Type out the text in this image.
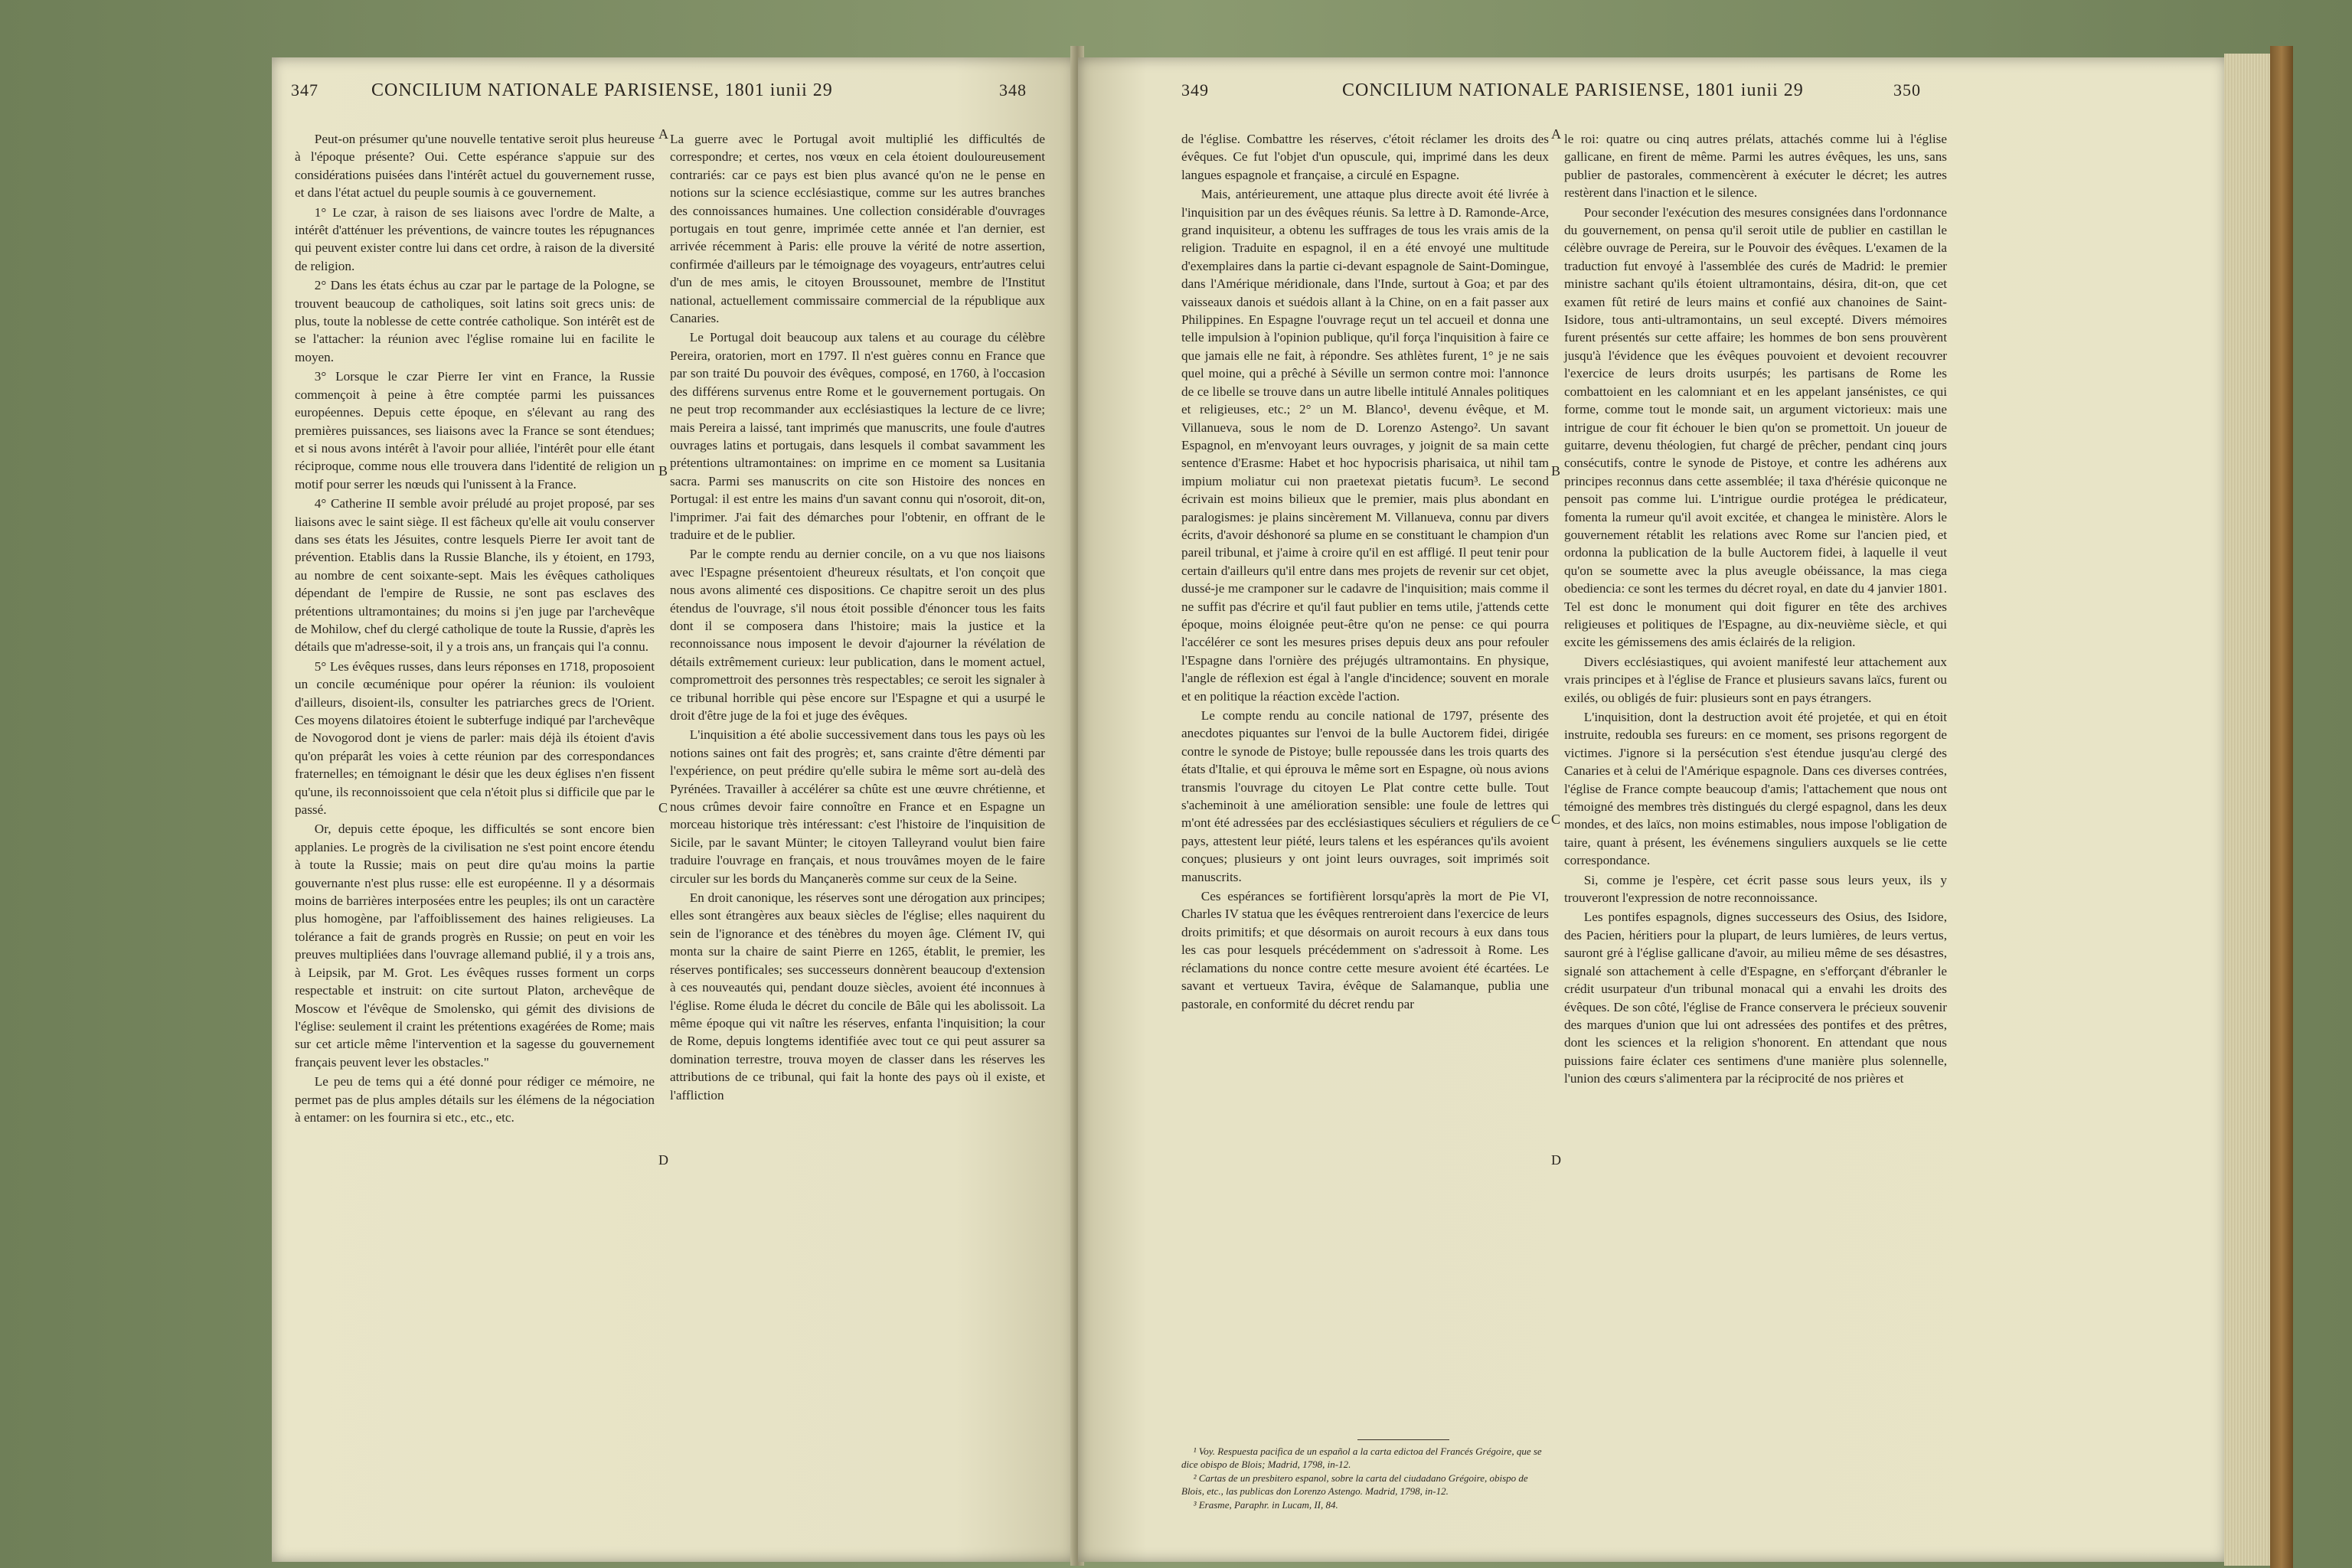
347	CONCILIUM NATIONALE PARISIENSE, 1801 iunii 29	348

Peut-on présumer qu'une nouvelle tentative seroit plus heureuse à l'époque présente? Oui. Cette espérance s'appuie sur des considérations puisées dans l'intérêt actuel du gouvernement russe, et dans l'état actuel du peuple soumis à ce gouvernement.

1° Le czar, à raison de ses liaisons avec l'ordre de Malte, a intérêt d'atténuer les préventions, de vaincre toutes les répugnances qui peuvent exister contre lui dans cet ordre, à raison de la diversité de religion.

2° Dans les états échus au czar par le partage de la Pologne, se trouvent beaucoup de catholiques, soit latins soit grecs unis: de plus, toute la noblesse de cette contrée catholique. Son intérêt est de se l'attacher: la réunion avec l'église romaine lui en facilite le moyen.

3° Lorsque le czar Pierre Ier vint en France, la Russie commençoit à peine à être comptée parmi les puissances européennes. Depuis cette époque, en s'élevant au rang des premières puissances, ses liaisons avec la France se sont étendues; et si nous avons intérêt à l'avoir pour alliée, l'intérêt pour elle étant réciproque, comme nous elle trouvera dans l'identité de religion un motif pour serrer les nœuds qui l'unissent à la France.

4° Catherine II semble avoir préludé au projet proposé, par ses liaisons avec le saint siège. Il est fâcheux qu'elle ait voulu conserver dans ses états les Jésuites, contre lesquels Pierre Ier avoit tant de prévention. Etablis dans la Russie Blanche, ils y étoient, en 1793, au nombre de cent soixante-sept. Mais les évêques catholiques dépendant de l'empire de Russie, ne sont pas esclaves des prétentions ultramontaines; du moins si j'en juge par l'archevêque de Mohilow, chef du clergé catholique de toute la Russie, d'après les détails que m'adresse-soit, il y a trois ans, un français qui l'a connu.

5° Les évêques russes, dans leurs réponses en 1718, proposoient un concile œcuménique pour opérer la réunion: ils vouloient d'ailleurs, disoient-ils, consulter les patriarches grecs de l'Orient. Ces moyens dilatoires étoient le subterfuge indiqué par l'archevêque de Novogorod dont je viens de parler: mais déjà ils étoient d'avis qu'on préparât les voies à cette réunion par des correspondances fraternelles; en témoignant le désir que les deux églises n'en fissent qu'une, ils reconnoissoient que cela n'étoit plus si difficile que par le passé.

Or, depuis cette époque, les difficultés se sont encore bien applanies. Le progrès de la civilisation ne s'est point encore étendu à toute la Russie; mais on peut dire qu'au moins la partie gouvernante n'est plus russe: elle est européenne. Il y a désormais moins de barrières interposées entre les peuples; ils ont un caractère plus homogène, par l'affoiblissement des haines religieuses. La tolérance a fait de grands progrès en Russie; on peut en voir les preuves multipliées dans l'ouvrage allemand publié, il y a trois ans, à Leipsik, par M. Grot. Les évêques russes forment un corps respectable et instruit: on cite surtout Platon, archevêque de Moscow et l'évêque de Smolensko, qui gémit des divisions de l'église: seulement il craint les prétentions exagérées de Rome; mais sur cet article même l'intervention et la sagesse du gouvernement français peuvent lever les obstacles."

Le peu de tems qui a été donné pour rédiger ce mémoire, ne permet pas de plus amples détails sur les élémens de la négociation à entamer: on les fournira si etc., etc., etc.

La guerre avec le Portugal avoit multiplié les difficultés de correspondre; et certes, nos vœux en cela étoient douloureusement contrariés: car ce pays est bien plus avancé qu'on ne le pense en notions sur la science ecclésiastique, comme sur les autres branches des connoissances humaines. Une collection considérable d'ouvrages portugais en tout genre, imprimée cette année et l'an dernier, est arrivée récemment à Paris: elle prouve la vérité de notre assertion, confirmée d'ailleurs par le témoignage des voyageurs, entr'autres celui d'un de mes amis, le citoyen Broussounet, membre de l'Institut national, actuellement commissaire commercial de la république aux Canaries.

Le Portugal doit beaucoup aux talens et au courage du célèbre Pereira, oratorien, mort en 1797. Il n'est guères connu en France que par son traité Du pouvoir des évêques, composé, en 1760, à l'occasion des différens survenus entre Rome et le gouvernement portugais. On ne peut trop recommander aux ecclésiastiques la lecture de ce livre; mais Pereira a laissé, tant imprimés que manuscrits, une foule d'autres ouvrages latins et portugais, dans lesquels il combat savamment les prétentions ultramontaines: on imprime en ce moment sa Lusitania sacra. Parmi ses manuscrits on cite son Histoire des nonces en Portugal: il est entre les mains d'un savant connu qui n'osoroit, dit-on, l'imprimer. J'ai fait des démarches pour l'obtenir, en offrant de le traduire et de le publier.

Par le compte rendu au dernier concile, on a vu que nos liaisons avec l'Espagne présentoient d'heureux résultats, et l'on conçoit que nous avons alimenté ces dispositions. Ce chapitre seroit un des plus étendus de l'ouvrage, s'il nous étoit possible d'énoncer tous les faits dont il se composera dans l'histoire; mais la justice et la reconnoissance nous imposent le devoir d'ajourner la révélation de détails extrêmement curieux: leur publication, dans le moment actuel, compromettroit des personnes très respectables; ce seroit les signaler à ce tribunal horrible qui pèse encore sur l'Espagne et qui a usurpé le droit d'être juge de la foi et juge des évêques.

L'inquisition a été abolie successivement dans tous les pays où les notions saines ont fait des progrès; et, sans crainte d'être démenti par l'expérience, on peut prédire qu'elle subira le même sort au-delà des Pyrénées. Travailler à accélérer sa chûte est une œuvre chrétienne, et nous crûmes devoir faire connoître en France et en Espagne un morceau historique très intéressant: c'est l'histoire de l'inquisition de Sicile, par le savant Münter; le citoyen Talleyrand voulut bien faire traduire l'ouvrage en français, et nous trouvâmes moyen de le faire circuler sur les bords du Mançanerès comme sur ceux de la Seine.

En droit canonique, les réserves sont une dérogation aux principes; elles sont étrangères aux beaux siècles de l'église; elles naquirent du sein de l'ignorance et des ténèbres du moyen âge. Clément IV, qui monta sur la chaire de saint Pierre en 1265, établit, le premier, les réserves pontificales; ses successeurs donnèrent beaucoup d'extension à ces nouveautés qui, pendant douze siècles, avoient été inconnues à l'église. Rome éluda le décret du concile de Bâle qui les abolissoit. La même époque qui vit naître les réserves, enfanta l'inquisition; la cour de Rome, depuis longtems identifiée avec tout ce qui peut assurer sa domination terrestre, trouva moyen de classer dans les réserves les attributions de ce tribunal, qui fait la honte des pays où il existe, et l'affliction

A
B
C
D
349	CONCILIUM NATIONALE PARISIENSE, 1801 iunii 29	350

de l'église. Combattre les réserves, c'étoit réclamer les droits des évêques. Ce fut l'objet d'un opuscule, qui, imprimé dans les deux langues espagnole et française, a circulé en Espagne.

Mais, antérieurement, une attaque plus directe avoit été livrée à l'inquisition par un des évêques réunis. Sa lettre à D. Ramonde-Arce, grand inquisiteur, a obtenu les suffrages de tous les vrais amis de la religion. Traduite en espagnol, il en a été envoyé une multitude d'exemplaires dans la partie ci-devant espagnole de Saint-Domingue, dans l'Amérique méridionale, dans l'Inde, surtout à Goa; et par des vaisseaux danois et suédois allant à la Chine, on en a fait passer aux Philippines. En Espagne l'ouvrage reçut un tel accueil et donna une telle impulsion à l'opinion publique, qu'il força l'inquisition à faire ce que jamais elle ne fait, à répondre. Ses athlètes furent, 1° je ne sais quel moine, qui a prêché à Séville un sermon contre moi: l'annonce de ce libelle se trouve dans un autre libelle intitulé Annales politiques et religieuses, etc.; 2° un M. Blanco¹, devenu évêque, et M. Villanueva, sous le nom de D. Lorenzo Astengo². Un savant Espagnol, en m'envoyant leurs ouvrages, y joignit de sa main cette sentence d'Erasme: Habet et hoc hypocrisis pharisaica, ut nihil tam impium moliatur cui non praetexat pietatis fucum³. Le second écrivain est moins bilieux que le premier, mais plus abondant en paralogismes: je plains sincèrement M. Villanueva, connu par divers écrits, d'avoir déshonoré sa plume en se constituant le champion d'un pareil tribunal, et j'aime à croire qu'il en est affligé. Il peut tenir pour certain d'ailleurs qu'il entre dans mes projets de revenir sur cet objet, dussé-je me cramponer sur le cadavre de l'inquisition; mais comme il ne suffit pas d'écrire et qu'il faut publier en tems utile, j'attends cette époque, moins éloignée peut-être qu'on ne pense: ce qui pourra l'accélérer ce sont les mesures prises depuis deux ans pour refouler l'Espagne dans l'ornière des préjugés ultramontains. En physique, l'angle de réflexion est égal à l'angle d'incidence; souvent en morale et en politique la réaction excède l'action.

Le compte rendu au concile national de 1797, présente des anecdotes piquantes sur l'envoi de la bulle Auctorem fidei, dirigée contre le synode de Pistoye; bulle repoussée dans les trois quarts des états d'Italie, et qui éprouva le même sort en Espagne, où nous avions transmis l'ouvrage du citoyen Le Plat contre cette bulle. Tout s'acheminoit à une amélioration sensible: une foule de lettres qui m'ont été adressées par des ecclésiastiques séculiers et réguliers de ce pays, attestent leur piété, leurs talens et les espérances qu'ils avoient conçues; plusieurs y ont joint leurs ouvrages, soit imprimés soit manuscrits.

Ces espérances se fortifièrent lorsqu'après la mort de Pie VI, Charles IV statua que les évêques rentreroient dans l'exercice de leurs droits primitifs; et que désormais on auroit recours à eux dans tous les cas pour lesquels précédemment on s'adressoit à Rome. Les réclamations du nonce contre cette mesure avoient été écartées. Le savant et vertueux Tavira, évêque de Salamanque, publia une pastorale, en conformité du décret rendu par

le roi: quatre ou cinq autres prélats, attachés comme lui à l'église gallicane, en firent de même. Parmi les autres évêques, les uns, sans publier de pastorales, commencèrent à exécuter le décret; les autres restèrent dans l'inaction et le silence.

Pour seconder l'exécution des mesures consignées dans l'ordonnance du gouvernement, on pensa qu'il seroit utile de publier en castillan le célèbre ouvrage de Pereira, sur le Pouvoir des évêques. L'examen de la traduction fut envoyé à l'assemblée des curés de Madrid: le premier ministre sachant qu'ils étoient ultramontains, désira, dit-on, que cet examen fût retiré de leurs mains et confié aux chanoines de Saint-Isidore, tous anti-ultramontains, un seul excepté. Divers mémoires furent présentés sur cette affaire; les hommes de bon sens prouvèrent jusqu'à l'évidence que les évêques pouvoient et devoient recouvrer l'exercice de leurs droits usurpés; les partisans de Rome les combattoient en les calomniant et en les appelant jansénistes, ce qui forme, comme tout le monde sait, un argument victorieux: mais une intrigue de cour fit échouer le bien qu'on se promettoit. Un joueur de guitarre, devenu théologien, fut chargé de prêcher, pendant cinq jours consécutifs, contre le synode de Pistoye, et contre les adhérens aux principes reconnus dans cette assemblée; il taxa d'hérésie quiconque ne pensoit pas comme lui. L'intrigue ourdie protégea le prédicateur, fomenta la rumeur qu'il avoit excitée, et changea le ministère. Alors le gouvernement rétablit les relations avec Rome sur l'ancien pied, et ordonna la publication de la bulle Auctorem fidei, à laquelle il veut qu'on se soumette avec la plus aveugle obéissance, la mas ciega obediencia: ce sont les termes du décret royal, en date du 4 janvier 1801. Tel est donc le monument qui doit figurer en tête des archives religieuses et politiques de l'Espagne, au dix-neuvième siècle, et qui excite les gémissemens des amis éclairés de la religion.

Divers ecclésiastiques, qui avoient manifesté leur attachement aux vrais principes et à l'église de France et plusieurs savans laïcs, furent ou exilés, ou obligés de fuir: plusieurs sont en pays étrangers.

L'inquisition, dont la destruction avoit été projetée, et qui en étoit instruite, redoubla ses fureurs: en ce moment, ses prisons regorgent de victimes. J'ignore si la persécution s'est étendue jusqu'au clergé des Canaries et à celui de l'Amérique espagnole. Dans ces diverses contrées, l'église de France compte beaucoup d'amis; l'attachement que nous ont témoigné des membres très distingués du clergé espagnol, dans les deux mondes, et des laïcs, non moins estimables, nous impose l'obligation de taire, quant à présent, les événemens singuliers auxquels se lie cette correspondance.

Si, comme je l'espère, cet écrit passe sous leurs yeux, ils y trouveront l'expression de notre reconnoissance.

Les pontifes espagnols, dignes successeurs des Osius, des Isidore, des Pacien, héritiers pour la plupart, de leurs lumières, de leurs vertus, sauront gré à l'église gallicane d'avoir, au milieu même de ses désastres, signalé son attachement à celle d'Espagne, en s'efforçant d'ébranler le crédit usurpateur d'un tribunal monacal qui a envahi les droits des évêques. De son côté, l'église de France conservera le précieux souvenir des marques d'union que lui ont adressées des pontifes et des prêtres, dont les sciences et la religion s'honorent. En attendant que nous puissions faire éclater ces sentimens d'une manière plus solennelle, l'union des cœurs s'alimentera par la réciprocité de nos prières et

¹ Voy. Respuesta pacifica de un español a la carta edictoa del Francés Grégoire, que se dice obispo de Blois; Madrid, 1798, in-12.
² Cartas de un presbitero espanol, sobre la carta del ciudadano Grégoire, obispo de Blois, etc., las publicas don Lorenzo Astengo. Madrid, 1798, in-12.
³ Erasme, Paraphr. in Lucam, II, 84.
A
B
C
D
